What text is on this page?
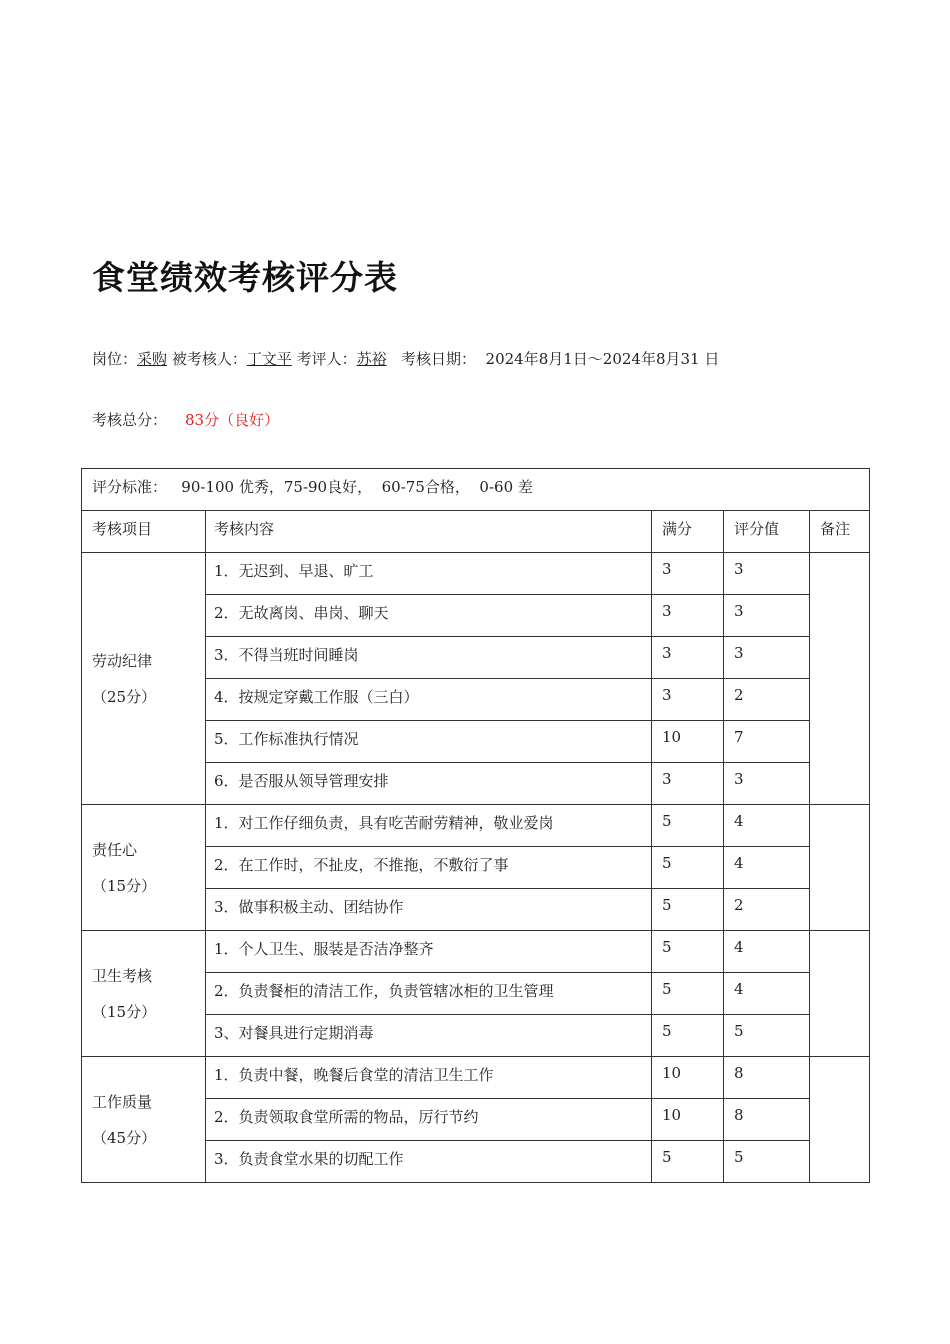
食堂绩效考核评分表
岗位：采购 被考核人：丁文平 考评人：苏裕 考核日期： 2024年8月1日～2024年8月31 日
考核总分： 83分（良好）
评分标准：   90-100 优秀，75-90良好，  60-75合格，  0-60 差				
考核项目	考核内容	满分	评分值	备注

劳动纪律
（25分）	1．无迟到、早退、旷工	3	3	
	2．无故离岗、串岗、聊天	3	3	
	3．不得当班时间睡岗	3	3	
	4．按规定穿戴工作服（三白）	3	2	
	5．工作标准执行情况	10	7	
	6．是否服从领导管理安排	3	3	

责任心
（15分）	1．对工作仔细负责，具有吃苦耐劳精神，敬业爱岗	5	4	
	2．在工作时，不扯皮，不推拖，不敷衍了事	5	4	
	3．做事积极主动、团结协作	5	2	

卫生考核
（15分）	1．个人卫生、服装是否洁净整齐	5	4	
	2．负责餐柜的清洁工作，负责管辖冰柜的卫生管理	5	4	
	3、对餐具进行定期消毒	5	5	

工作质量
（45分）	1．负责中餐，晚餐后食堂的清洁卫生工作	10	8	
	2．负责领取食堂所需的物品，厉行节约	10	8	
	3．负责食堂水果的切配工作	5	5	
